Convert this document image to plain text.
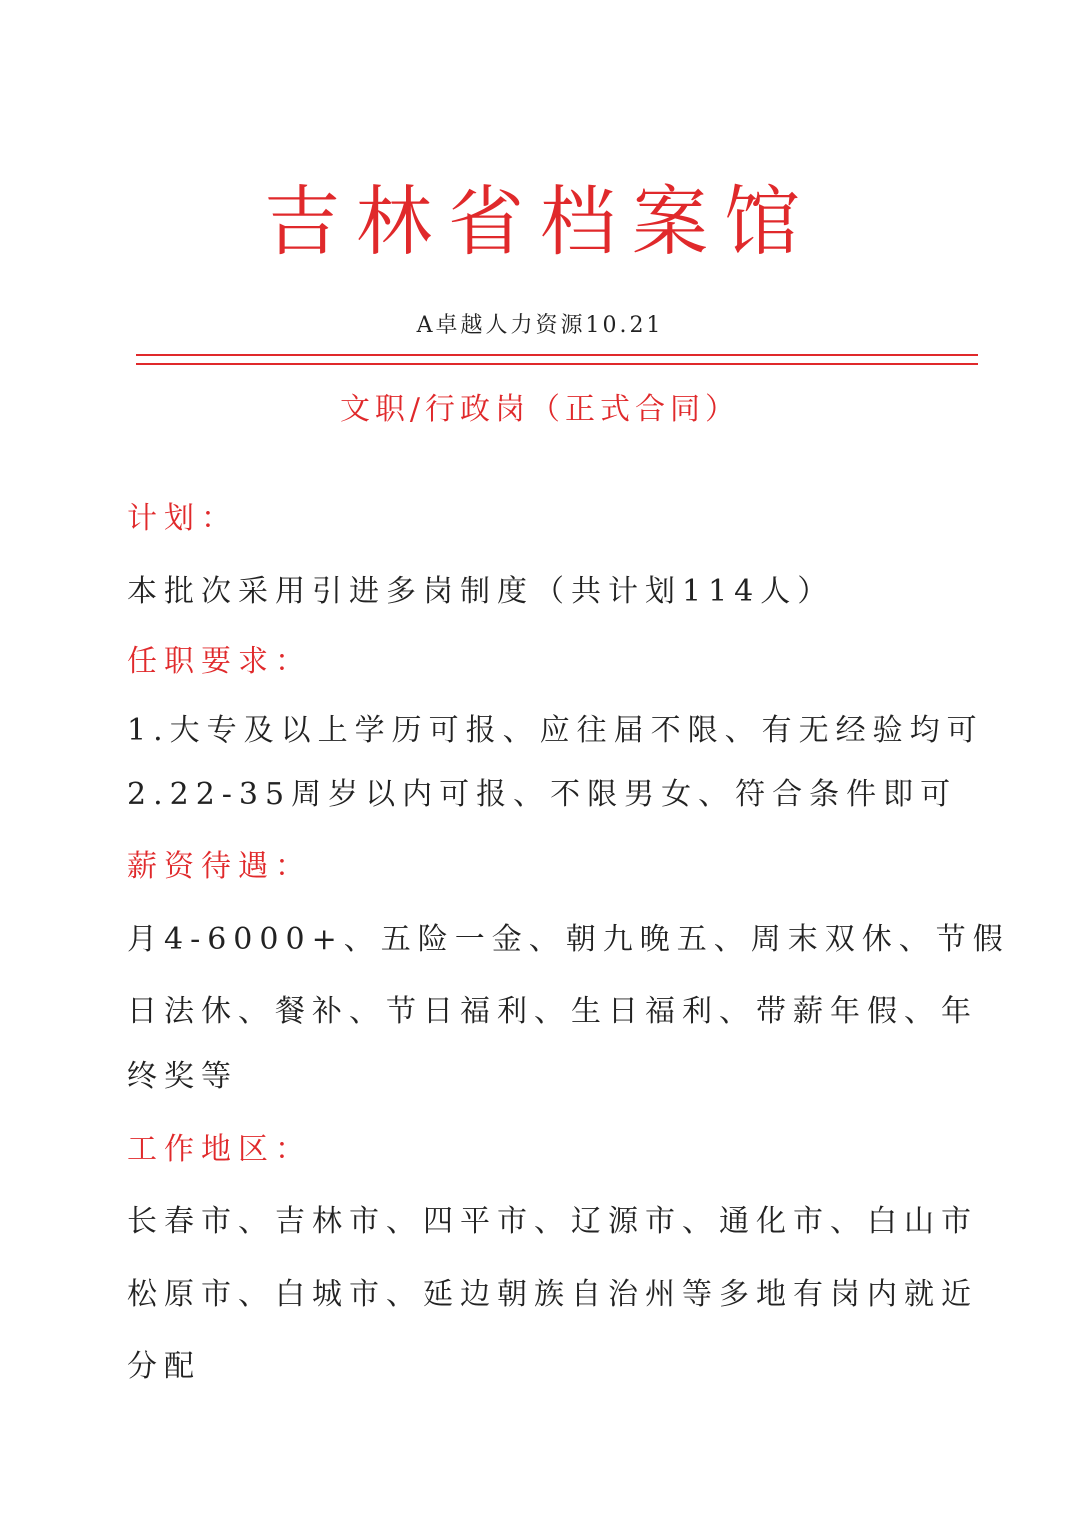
吉林省档案馆
A卓越人力资源10.21
文职/行政岗（正式合同）
计划：
本批次采用引进多岗制度（共计划114人）
任职要求：
1.大专及以上学历可报、应往届不限、有无经验均可
2.22-35周岁以内可报、不限男女、符合条件即可
薪资待遇：
月4-6000+、五险一金、朝九晚五、周末双休、节假
日法休、餐补、节日福利、生日福利、带薪年假、年
终奖等
工作地区：
长春市、吉林市、四平市、辽源市、通化市、白山市
松原市、白城市、延边朝族自治州等多地有岗内就近
分配
